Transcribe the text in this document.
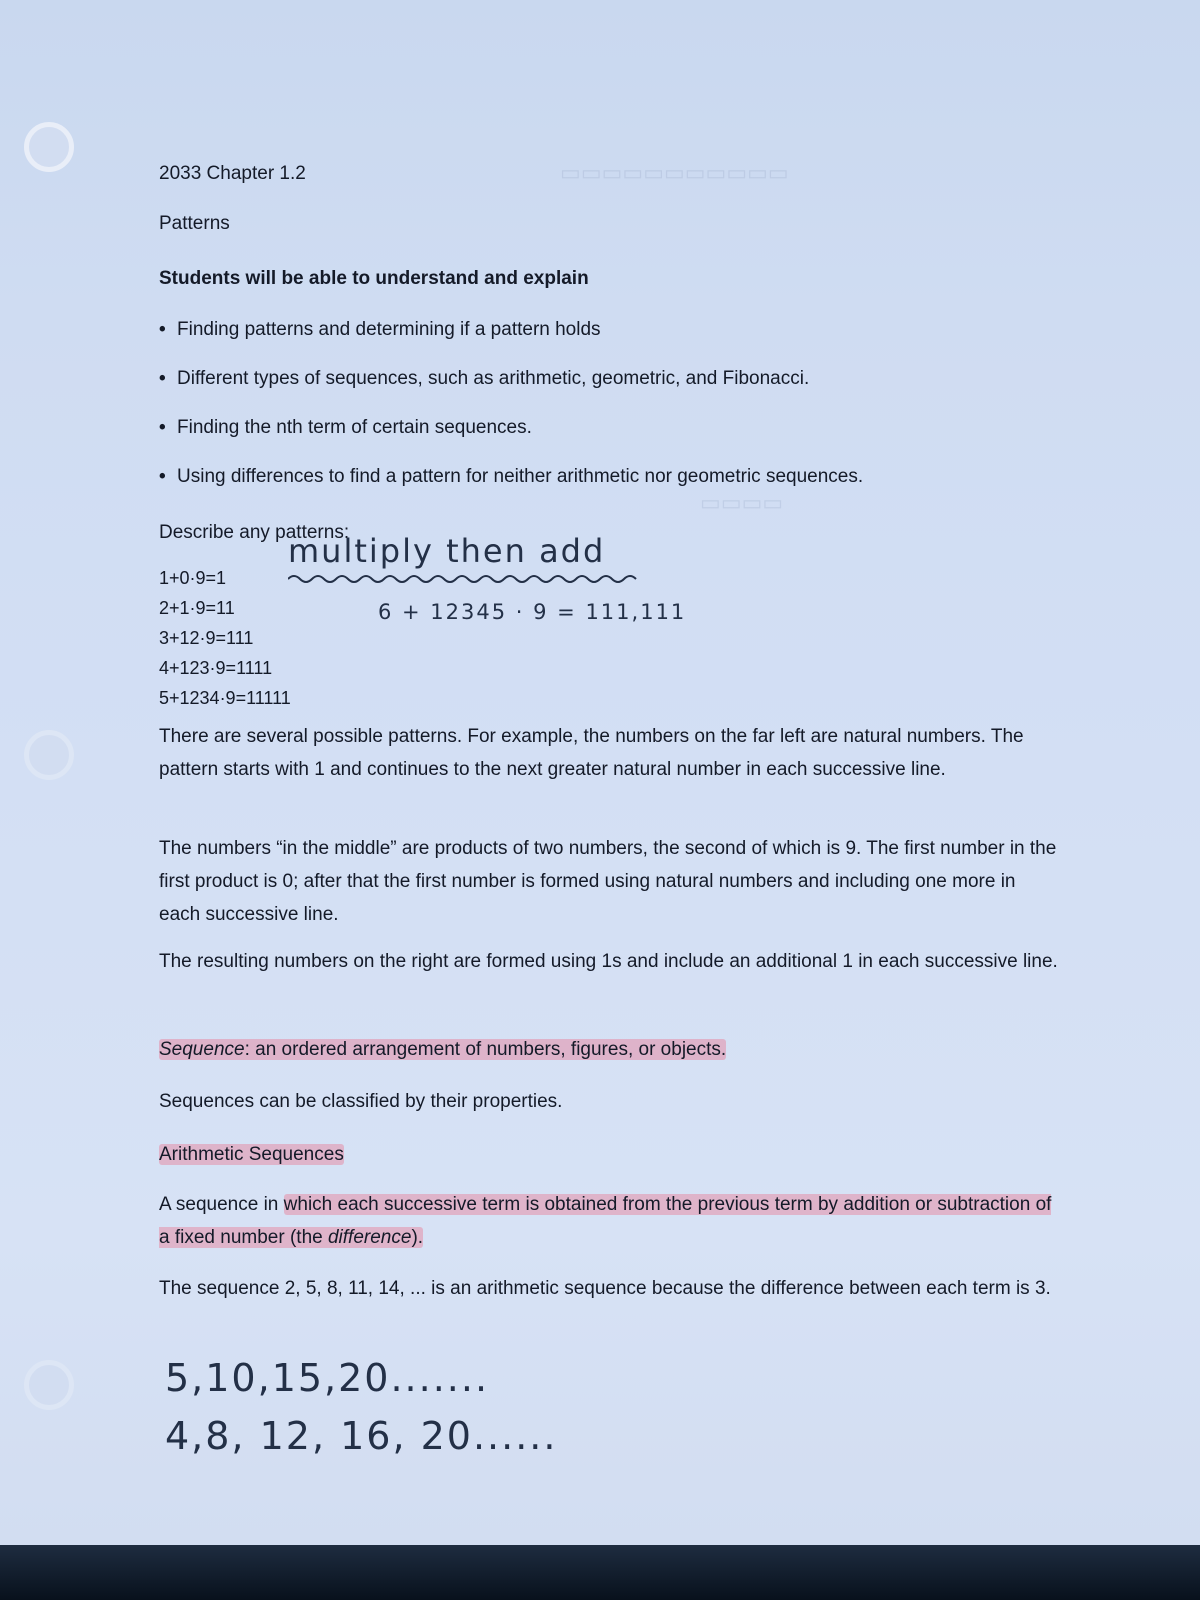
▭▭▭▭▭▭▭▭▭▭▭
▭▭▭▭
2033 Chapter 1.2
Patterns
Students will be able to understand and explain
• Finding patterns and determining if a pattern holds
• Different types of sequences, such as arithmetic, geometric, and Fibonacci.
• Finding the nth term of certain sequences.
• Using differences to find a pattern for neither arithmetic nor geometric sequences.
Describe any patterns:
multiply then add
6 + 12345 · 9 = 111,111
1+0·9=1
2+1·9=11
3+12·9=111
4+123·9=1111
5+1234·9=11111
There are several possible patterns. For example, the numbers on the far left are natural numbers. The pattern starts with 1 and continues to the next greater natural number in each successive line.
The numbers “in the middle” are products of two numbers, the second of which is 9. The first number in the first product is 0; after that the first number is formed using natural numbers and including one more in each successive line.
The resulting numbers on the right are formed using 1s and include an additional 1 in each successive line.
Sequence: an ordered arrangement of numbers, figures, or objects.
Sequences can be classified by their properties.
Arithmetic Sequences
A sequence in which each successive term is obtained from the previous term by addition or subtraction of a fixed number (the difference).
The sequence 2, 5, 8, 11, 14, ... is an arithmetic sequence because the difference between each term is 3.
5,10,15,20.......
4,8, 12, 16, 20......
